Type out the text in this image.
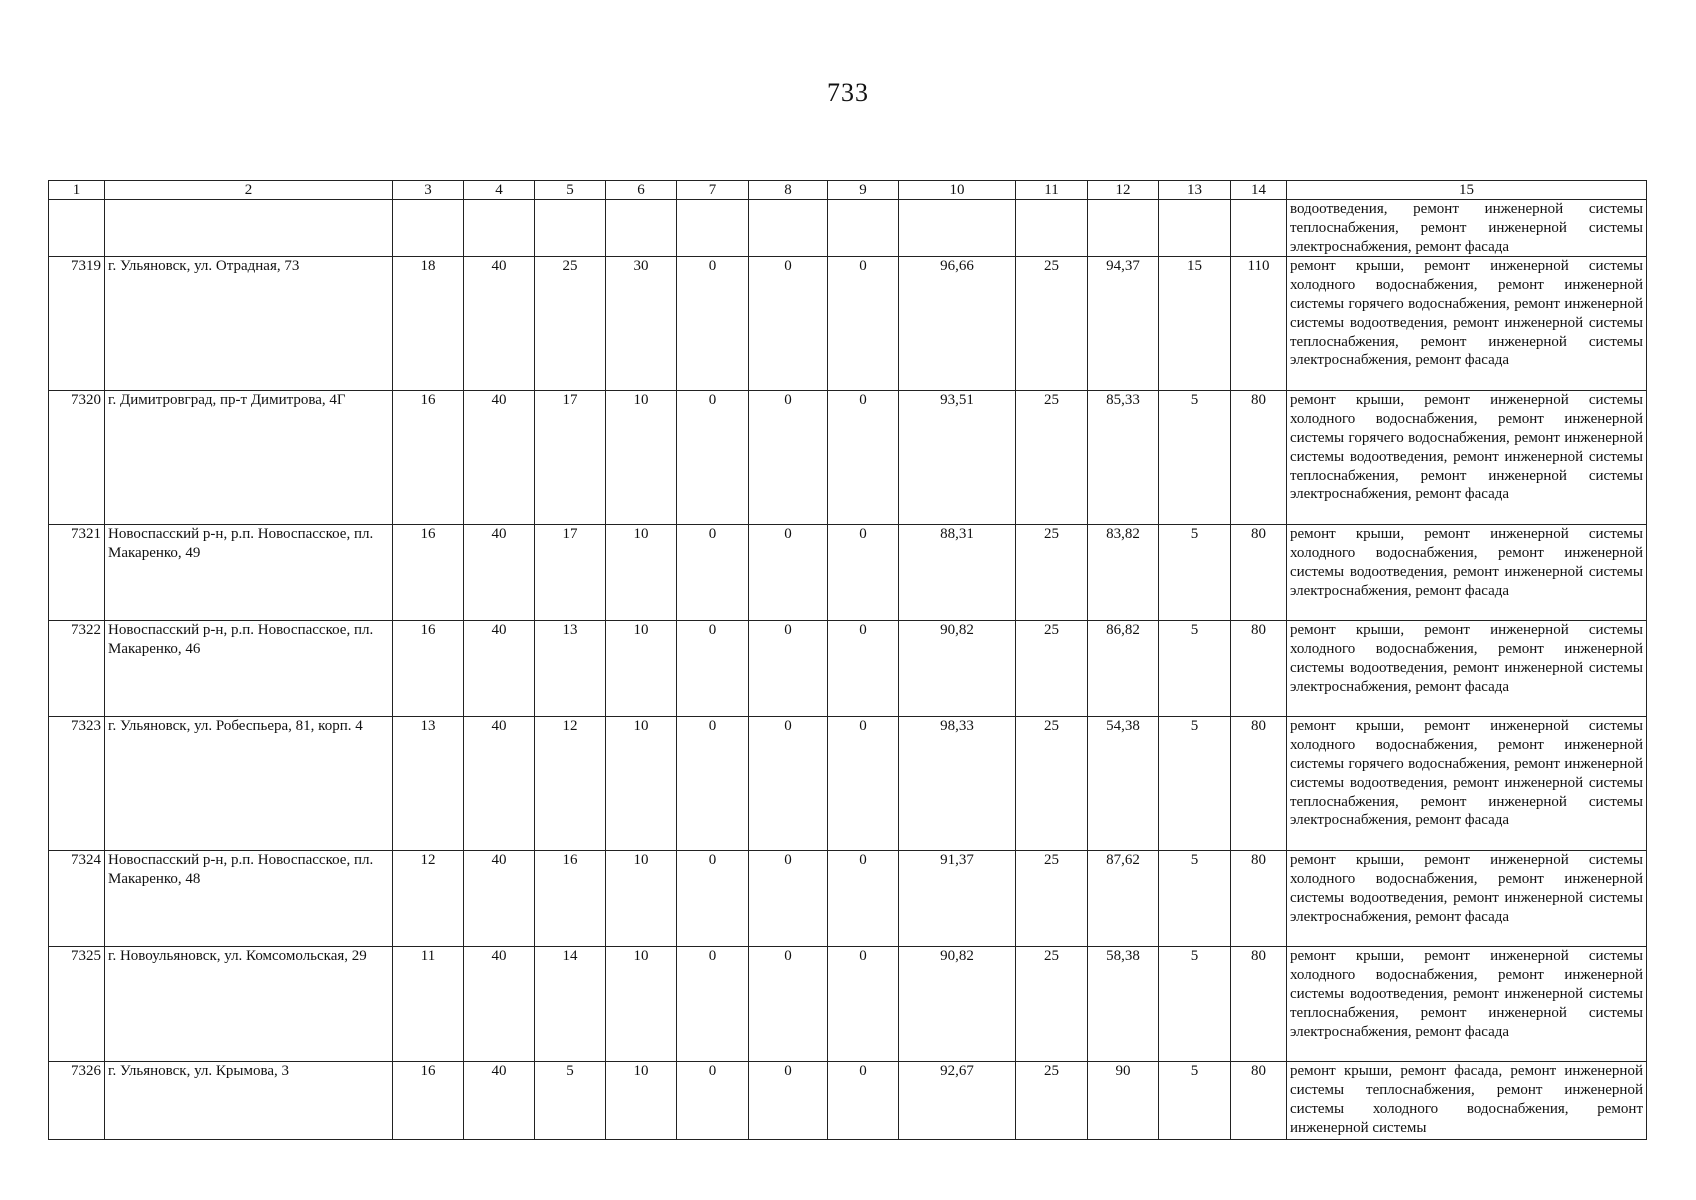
733
1	2	3	4	5	6	7	8	9	10	11	12	13	14	15
														водоотведения, ремонт инженерной системы теплоснабжения, ремонт инженерной системы электроснабжения, ремонт фасада
7319	г. Ульяновск, ул. Отрадная, 73	18	40	25	30	0	0	0	96,66	25	94,37	15	110	ремонт крыши, ремонт инженерной системы холодного водоснабжения, ремонт инженерной системы горячего водоснабжения, ремонт инженерной системы водоотведения, ремонт инженерной системы теплоснабжения, ремонт инженерной системы электроснабжения, ремонт фасада
7320	г. Димитровград, пр-т Димитрова, 4Г	16	40	17	10	0	0	0	93,51	25	85,33	5	80	ремонт крыши, ремонт инженерной системы холодного водоснабжения, ремонт инженерной системы горячего водоснабжения, ремонт инженерной системы водоотведения, ремонт инженерной системы теплоснабжения, ремонт инженерной системы электроснабжения, ремонт фасада
7321	Новоспасский р-н, р.п. Новоспасское, пл. Макаренко, 49	16	40	17	10	0	0	0	88,31	25	83,82	5	80	ремонт крыши, ремонт инженерной системы холодного водоснабжения, ремонт инженерной системы водоотведения, ремонт инженерной системы электроснабжения, ремонт фасада
7322	Новоспасский р-н, р.п. Новоспасское, пл. Макаренко, 46	16	40	13	10	0	0	0	90,82	25	86,82	5	80	ремонт крыши, ремонт инженерной системы холодного водоснабжения, ремонт инженерной системы водоотведения, ремонт инженерной системы электроснабжения, ремонт фасада
7323	г. Ульяновск, ул. Робеспьера, 81, корп. 4	13	40	12	10	0	0	0	98,33	25	54,38	5	80	ремонт крыши, ремонт инженерной системы холодного водоснабжения, ремонт инженерной системы горячего водоснабжения, ремонт инженерной системы водоотведения, ремонт инженерной системы теплоснабжения, ремонт инженерной системы электроснабжения, ремонт фасада
7324	Новоспасский р-н, р.п. Новоспасское, пл. Макаренко, 48	12	40	16	10	0	0	0	91,37	25	87,62	5	80	ремонт крыши, ремонт инженерной системы холодного водоснабжения, ремонт инженерной системы водоотведения, ремонт инженерной системы электроснабжения, ремонт фасада
7325	г. Новоульяновск, ул. Комсомольская, 29	11	40	14	10	0	0	0	90,82	25	58,38	5	80	ремонт крыши, ремонт инженерной системы холодного водоснабжения, ремонт инженерной системы водоотведения, ремонт инженерной системы теплоснабжения, ремонт инженерной системы электроснабжения, ремонт фасада
7326	г. Ульяновск, ул. Крымова, 3	16	40	5	10	0	0	0	92,67	25	90	5	80	ремонт крыши, ремонт фасада, ремонт инженерной системы теплоснабжения, ремонт инженерной системы холодного водоснабжения, ремонт инженерной системы
